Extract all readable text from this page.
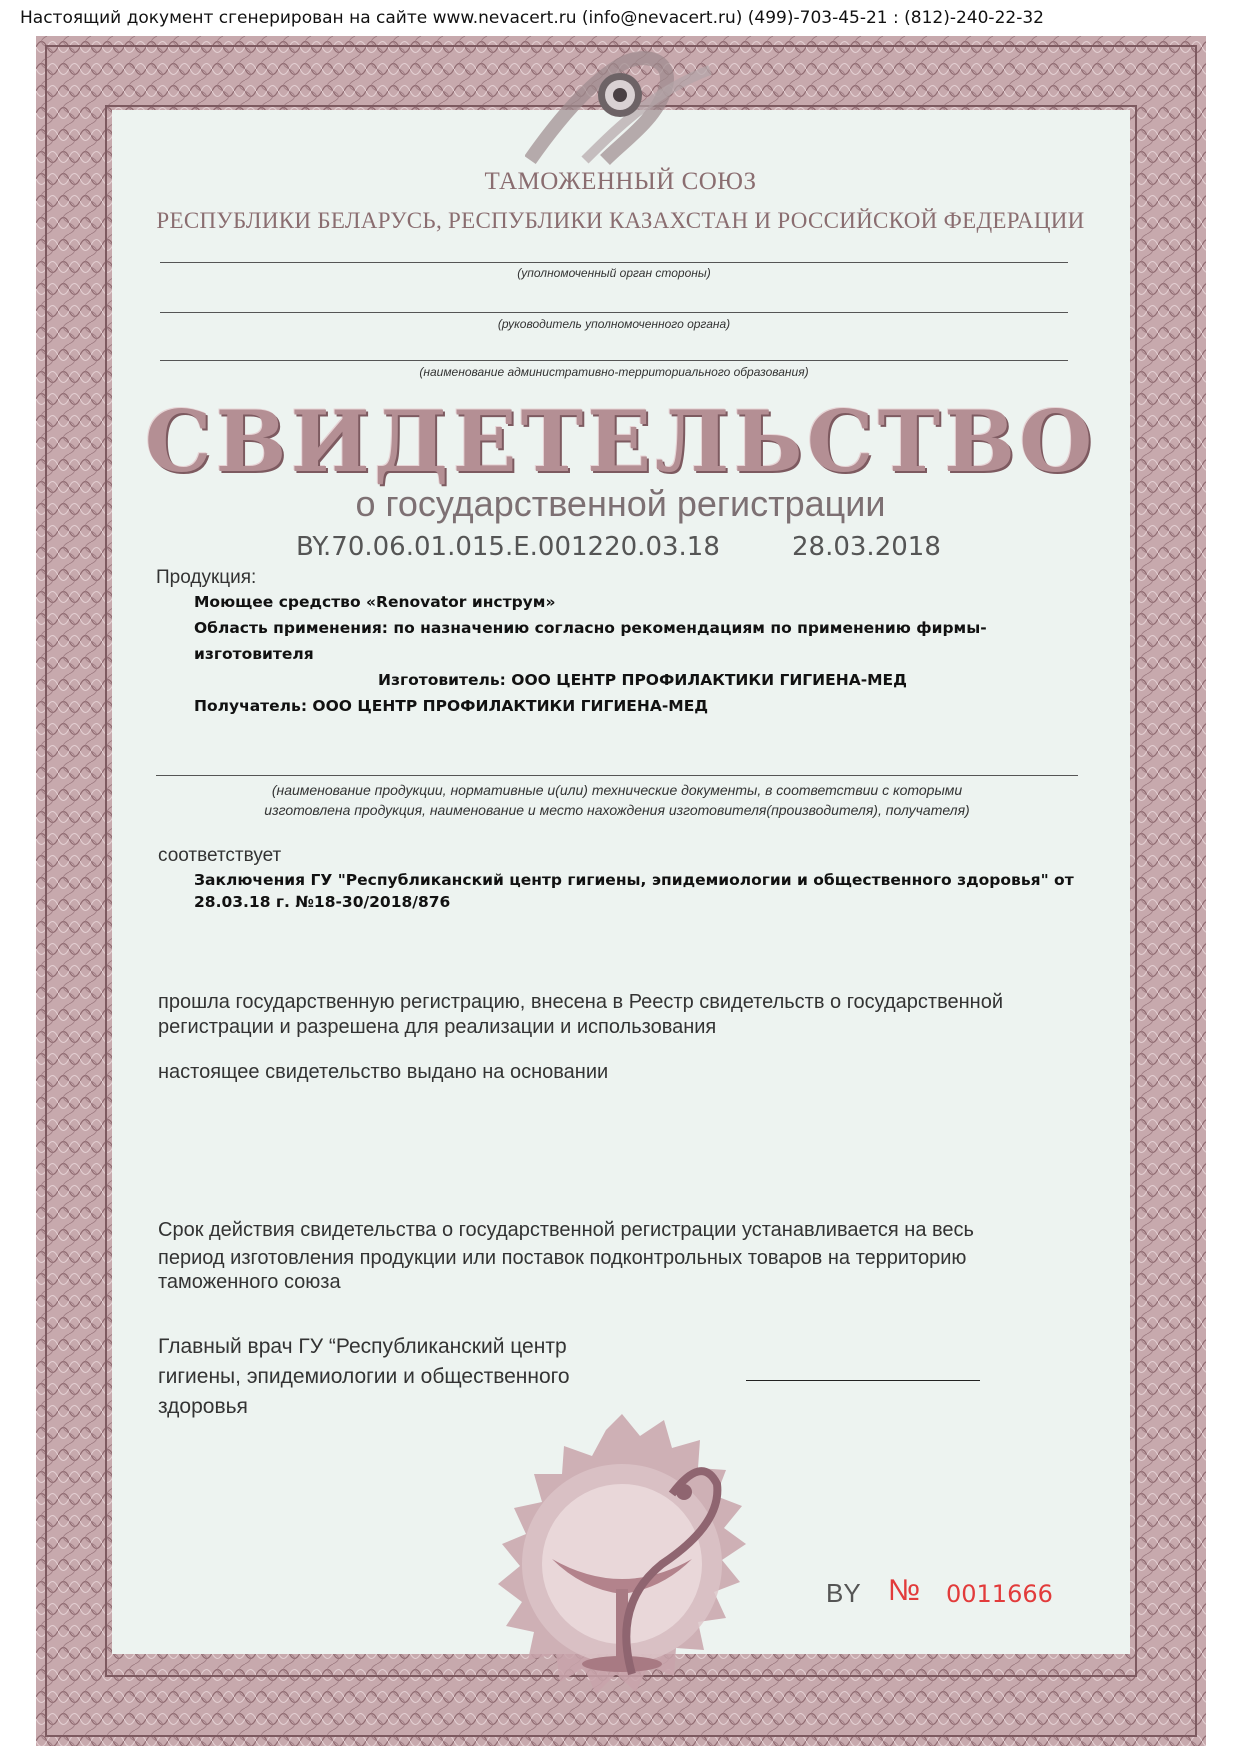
Настоящий документ сгенерирован на сайте www.nevacert.ru (info@nevacert.ru) (499)-703-45-21 : (812)-240-22-32
ТАМОЖЕННЫЙ СОЮЗ
РЕСПУБЛИКИ БЕЛАРУСЬ, РЕСПУБЛИКИ КАЗАХСТАН И РОССИЙСКОЙ ФЕДЕРАЦИИ
(уполномоченный орган стороны)
(руководитель уполномоченного органа)
(наименование административно-территориального образования)
СВИДЕТЕЛЬСТВО
о государственной регистрации
BY.70.06.01.015.E.001220.03.18	28.03.2018
Продукция:
Моющее средство «Renovator инструм»
Область применения: по назначению согласно рекомендациям по применению фирмы-
изготовителя
Изготовитель: ООО ЦЕНТР ПРОФИЛАКТИКИ ГИГИЕНА-МЕД
Получатель: ООО ЦЕНТР ПРОФИЛАКТИКИ ГИГИЕНА-МЕД
(наименование продукции, нормативные и(или) технические документы, в соответствии с которыми
изготовлена продукция, наименование и место нахождения изготовителя(производителя), получателя)
соответствует
Заключения ГУ "Республиканский центр гигиены, эпидемиологии и общественного здоровья" от
28.03.18 г. №18-30/2018/876
прошла государственную регистрацию, внесена в Реестр свидетельств о государственной
регистрации и разрешена для реализации и использования
настоящее свидетельство выдано на основании
Срок действия свидетельства о государственной регистрации устанавливается на весь
период изготовления продукции или поставок подконтрольных товаров на территорию
таможенного союза
Главный врач ГУ “Республиканский центр
гигиены, эпидемиологии и общественного
здоровья
BY № 0011666
